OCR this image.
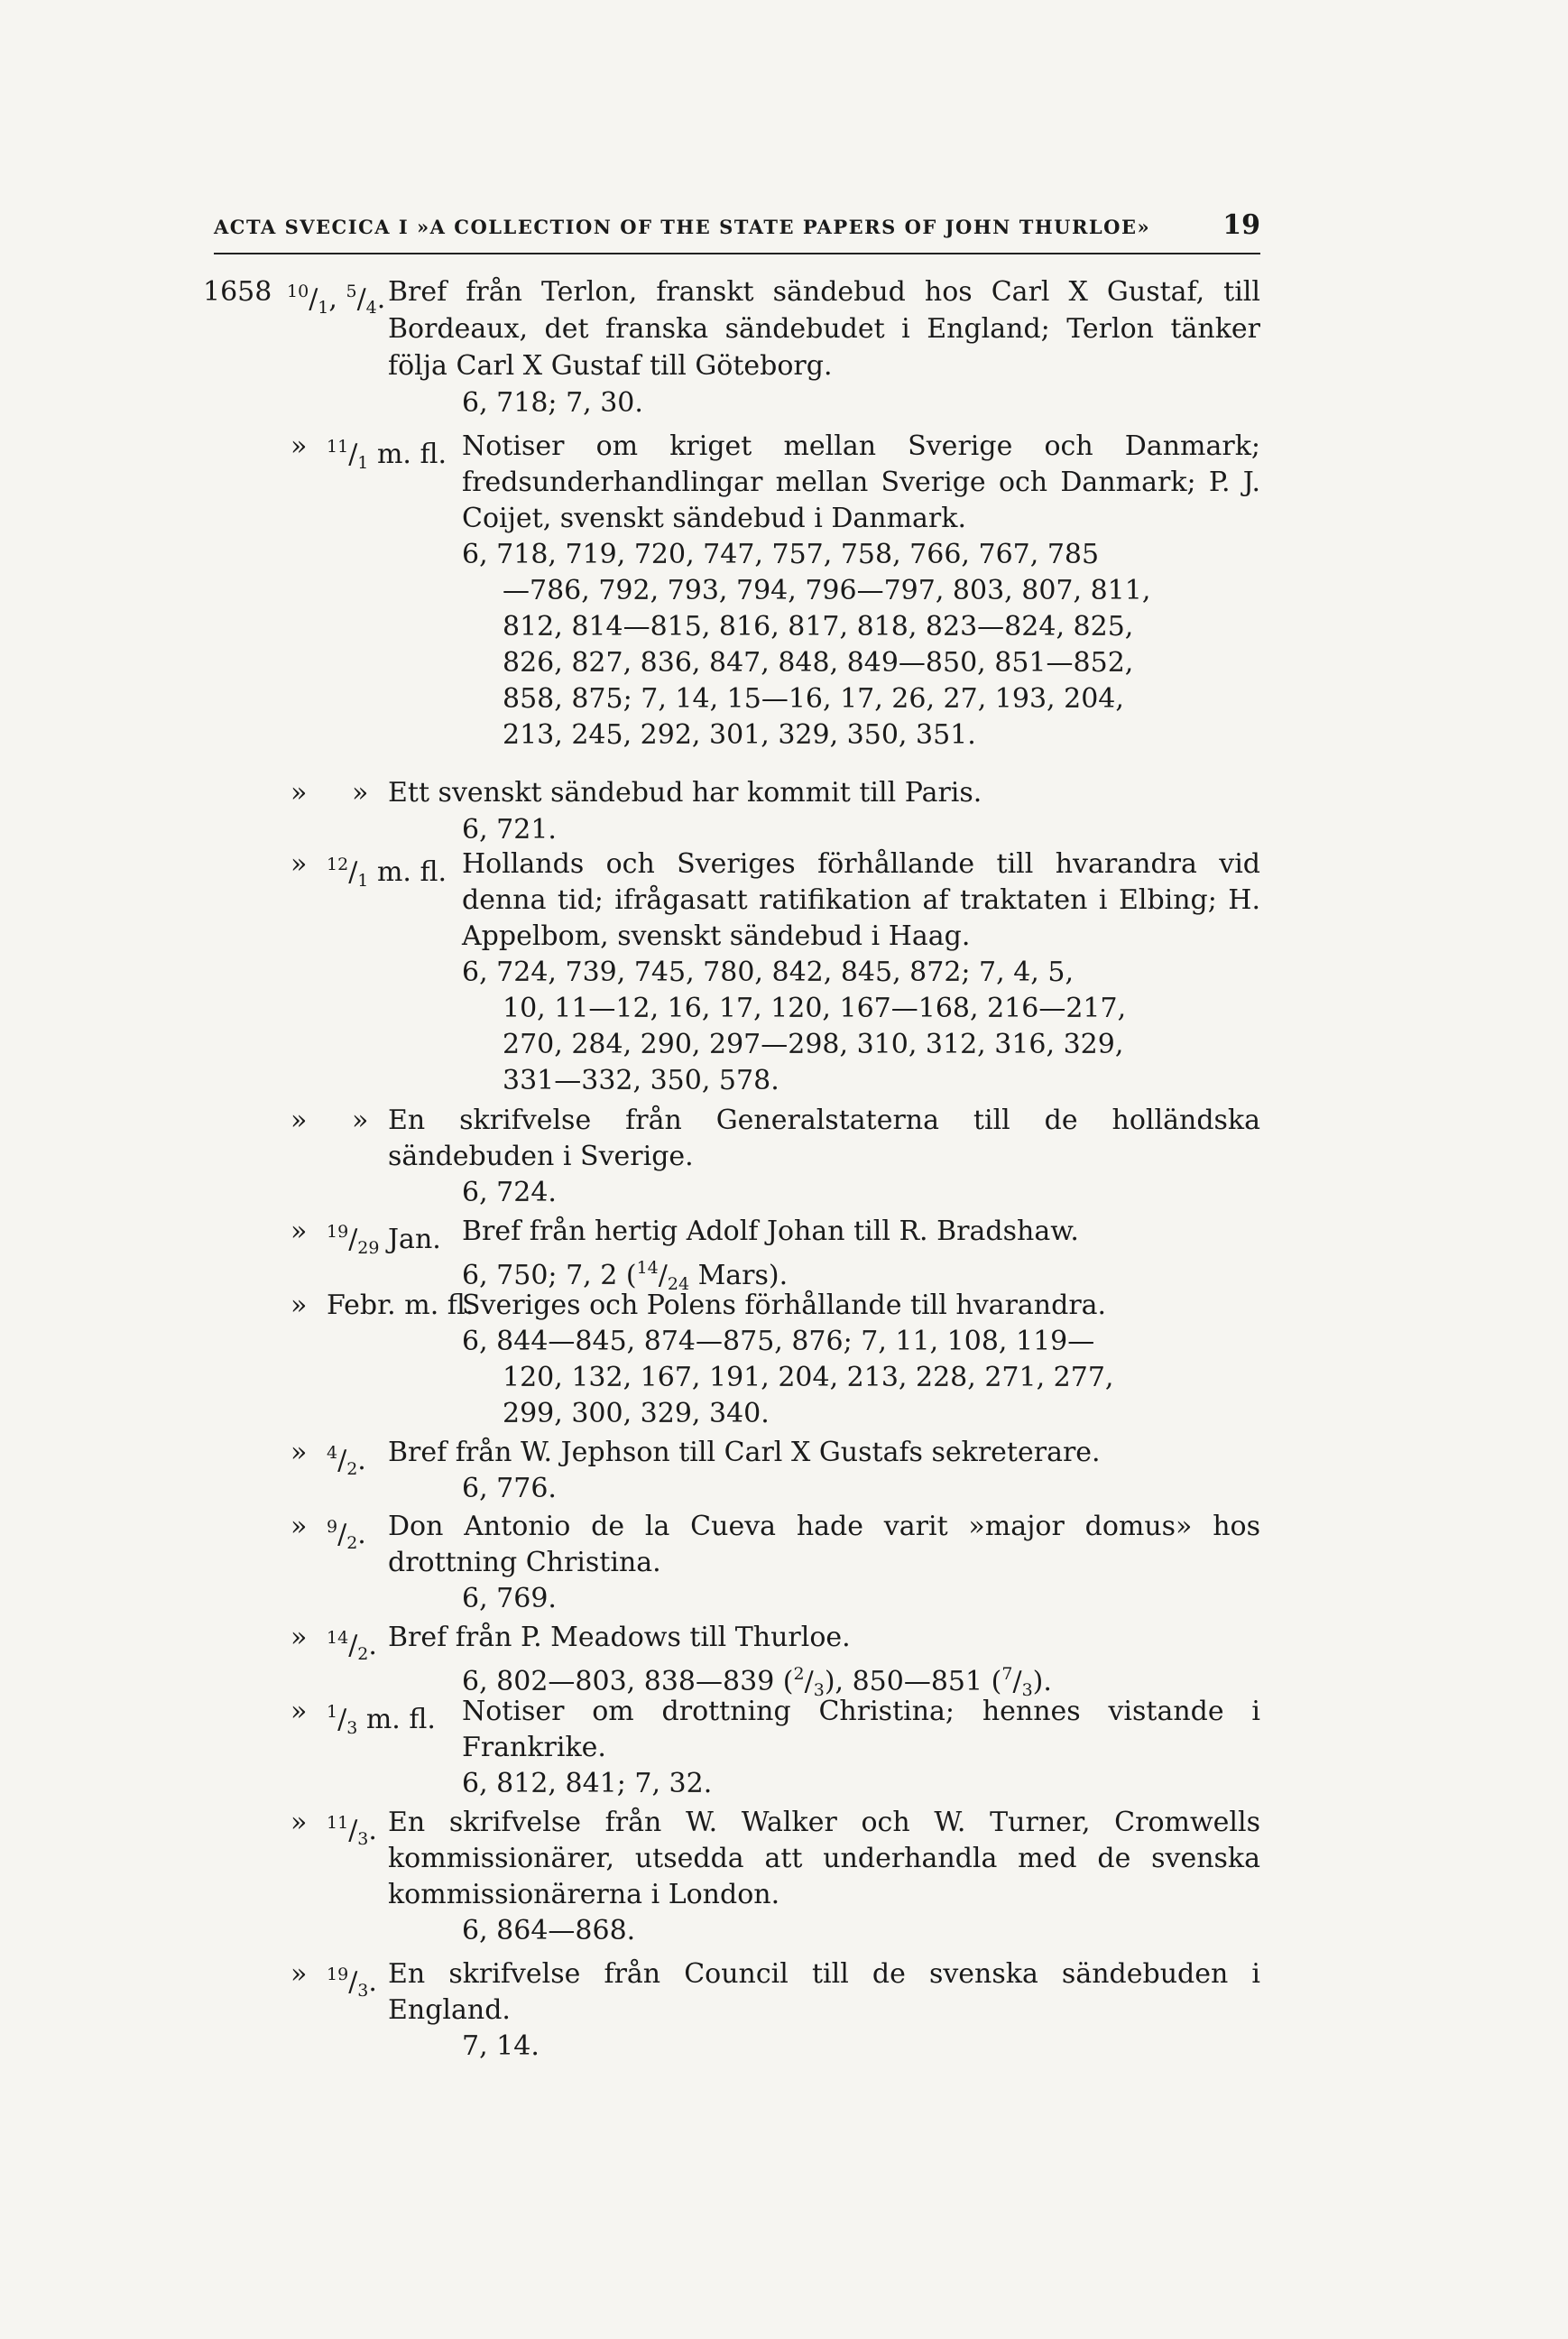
ACTA SVECICA I »A COLLECTION OF THE STATE PAPERS OF JOHN THURLOE»	19
1658 $^{10}/_1$, $^5/_4$. Bref från Terlon, franskt sändebud hos Carl X Gustaf, till Bordeaux, det franska sändebudet i England; Terlon tänker följa Carl X Gustaf till Göteborg.
6, 718; 7, 30.
» $^{11}/_1$ m. fl. Notiser om kriget mellan Sverige och Danmark; fredsunderhandlingar mellan Sverige och Danmark; P. J. Coijet, svenskt sändebud i Danmark.
6, 718, 719, 720, 747, 757, 758, 766, 767, 785
—786, 792, 793, 794, 796—797, 803, 807, 811,
812, 814—815, 816, 817, 818, 823—824, 825,
826, 827, 836, 847, 848, 849—850, 851—852,
858, 875; 7, 14, 15—16, 17, 26, 27, 193, 204,
213, 245, 292, 301, 329, 350, 351.
» » Ett svenskt sändebud har kommit till Paris.
6, 721.
» $^{12}/_1$ m. fl. Hollands och Sveriges förhållande till hvarandra vid denna tid; ifrågasatt ratifikation af traktaten i Elbing; H. Appelbom, svenskt sändebud i Haag.
6, 724, 739, 745, 780, 842, 845, 872; 7, 4, 5,
10, 11—12, 16, 17, 120, 167—168, 216—217,
270, 284, 290, 297—298, 310, 312, 316, 329,
331—332, 350, 578.
» » En skrifvelse från Generalstaterna till de holländska sändebuden i Sverige.
6, 724.
» $^{19}/_{29}$ Jan. Bref från hertig Adolf Johan till R. Bradshaw.
6, 750; 7, 2 ($^{14}/_{24}$ Mars).
» Febr. m. fl.
Sveriges och Polens förhållande till hvarandra.
6, 844—845, 874—875, 876; 7, 11, 108, 119—
120, 132, 167, 191, 204, 213, 228, 271, 277,
299, 300, 329, 340.
» $^4/_2$. Bref från W. Jephson till Carl X Gustafs sekreterare.
6, 776.
» $^9/_2$. Don Antonio de la Cueva hade varit »major domus» hos drottning Christina.
6, 769.
» $^{14}/_2$. Bref från P. Meadows till Thurloe.
6, 802—803, 838—839 $(^2/_3)$, 850—851 $(^7/_3)$.
» $^1/_3$ m. fl. Notiser om drottning Christina; hennes vistande i Frankrike.
6, 812, 841; 7, 32.
» $^{11}/_3$. En skrifvelse från W. Walker och W. Turner, Cromwells kommissionärer, utsedda att underhandla med de svenska kommissionärerna i London.
6, 864—868.
» $^{19}/_3$. En skrifvelse från Council till de svenska sändebuden i England.
7, 14.
